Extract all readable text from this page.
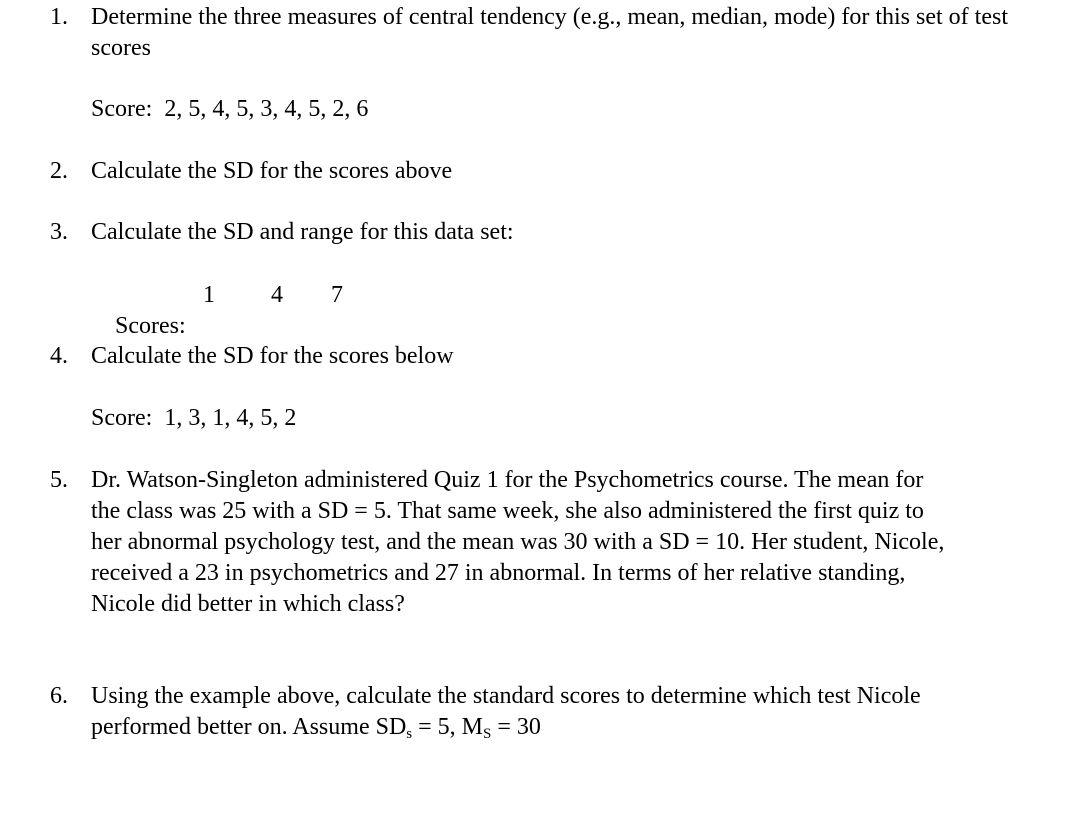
1. Determine the three measures of central tendency (e.g., mean, median, mode) for this set of test scores
Score:  2, 5, 4, 5, 3, 4, 5, 2, 6
2. Calculate the SD for the scores above
3. Calculate the SD and range for this data set:

Scores:

1 4 7
4. Calculate the SD for the scores below
Score:  1, 3, 1, 4, 5, 2
5. Dr. Watson-Singleton administered Quiz 1 for the Psychometrics course. The mean for
the class was 25 with a SD = 5. That same week, she also administered the first quiz to
her abnormal psychology test, and the mean was 30 with a SD = 10. Her student, Nicole,
received a 23 in psychometrics and 27 in abnormal. In terms of her relative standing,
Nicole did better in which class?
6. Using the example above, calculate the standard scores to determine which test Nicole
performed better on. Assume $SD_s = 5$, $M_S = 30$
